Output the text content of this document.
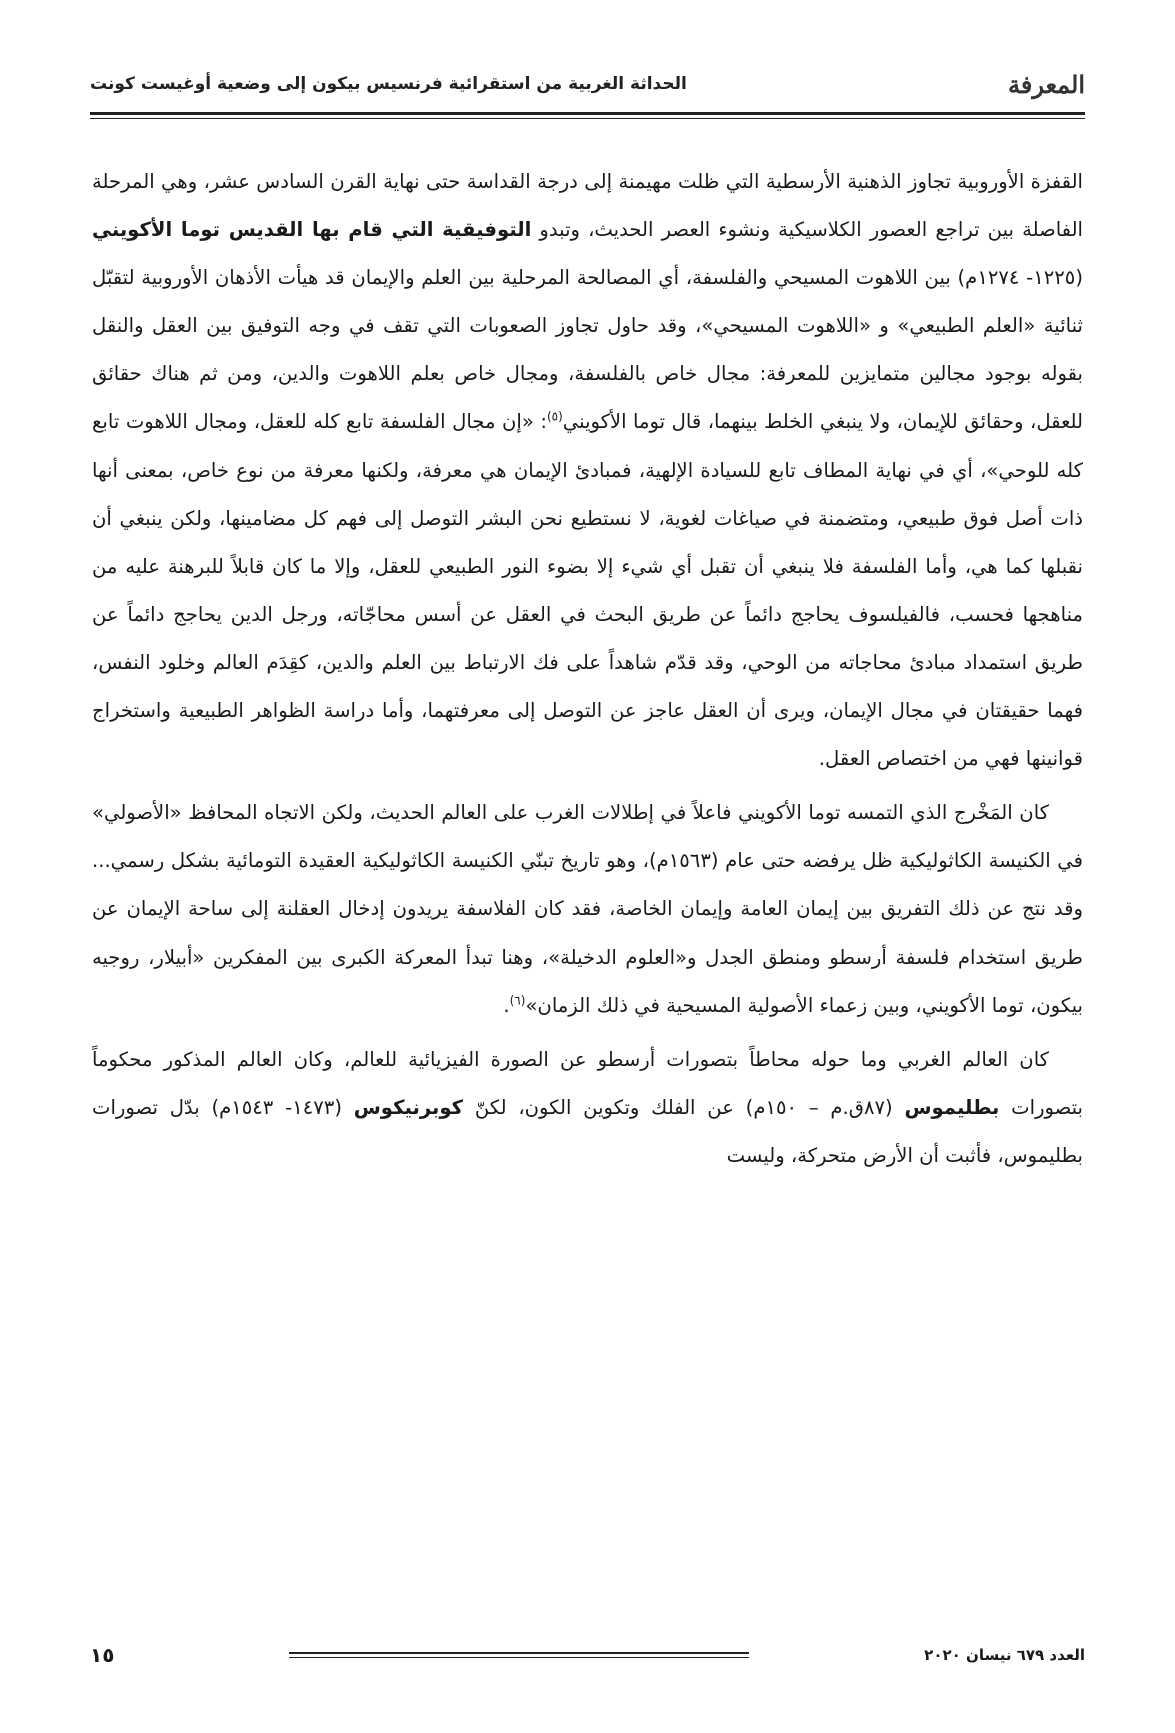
المعرفة
الحداثة الغربية من استقرائية فرنسيس بيكون إلى وضعية أوغيست كونت

القفزة الأوروبية تجاوز الذهنية الأرسطية التي ظلت مهيمنة إلى درجة القداسة حتى نهاية القرن السادس عشر، وهي المرحلة الفاصلة بين تراجع العصور الكلاسيكية ونشوء العصر الحديث، وتبدو التوفيقية التي قام بها القديس توما الأكويني (١٢٢٥- ١٢٧٤م) بين اللاهوت المسيحي والفلسفة، أي المصالحة المرحلية بين العلم والإيمان قد هيأت الأذهان الأوروبية لتقبّل ثنائية «العلم الطبيعي» و «اللاهوت المسيحي»، وقد حاول تجاوز الصعوبات التي تقف في وجه التوفيق بين العقل والنقل بقوله بوجود مجالين متمايزين للمعرفة: مجال خاص بالفلسفة، ومجال خاص بعلم اللاهوت والدين، ومن ثم هناك حقائق للعقل، وحقائق للإيمان، ولا ينبغي الخلط بينهما، قال توما الأكويني$^{(٥)}$: «إن مجال الفلسفة تابع كله للعقل، ومجال اللاهوت تابع كله للوحي»، أي في نهاية المطاف تابع للسيادة الإلهية، فمبادئ الإيمان هي معرفة، ولكنها معرفة من نوع خاص، بمعنى أنها ذات أصل فوق طبيعي، ومتضمنة في صياغات لغوية، لا نستطيع نحن البشر التوصل إلى فهم كل مضامينها، ولكن ينبغي أن نقبلها كما هي، وأما الفلسفة فلا ينبغي أن تقبل أي شيء إلا بضوء النور الطبيعي للعقل، وإلا ما كان قابلاً للبرهنة عليه من مناهجها فحسب، فالفيلسوف يحاجج دائماً عن طريق البحث في العقل عن أسس محاجّاته، ورجل الدين يحاجج دائماً عن طريق استمداد مبادئ محاجاته من الوحي، وقد قدّم شاهداً على فك الارتباط بين العلم والدين، كقِدَم العالم وخلود النفس، فهما حقيقتان في مجال الإيمان، ويرى أن العقل عاجز عن التوصل إلى معرفتهما، وأما دراسة الظواهر الطبيعية واستخراج قوانينها فهي من اختصاص العقل.

كان المَخْرج الذي التمسه توما الأكويني فاعلاً في إطلالات الغرب على العالم الحديث، ولكن الاتجاه المحافظ «الأصولي» في الكنيسة الكاثوليكية ظل يرفضه حتى عام (١٥٦٣م)، وهو تاريخ تبنّي الكنيسة الكاثوليكية العقيدة التومائية بشكل رسمي... وقد نتج عن ذلك التفريق بين إيمان العامة وإيمان الخاصة، فقد كان الفلاسفة يريدون إدخال العقلنة إلى ساحة الإيمان عن طريق استخدام فلسفة أرسطو ومنطق الجدل و«العلوم الدخيلة»، وهنا تبدأ المعركة الكبرى بين المفكرين «أبيلار، روجيه بيكون، توما الأكويني، وبين زعماء الأصولية المسيحية في ذلك الزمان»$^{(٦)}$.

كان العالم الغربي وما حوله محاطاً بتصورات أرسطو عن الصورة الفيزيائية للعالم، وكان العالم المذكور محكوماً بتصورات بطليموس (٨٧ق.م – ١٥٠م) عن الفلك وتكوين الكون، لكنّ كوبرنيكوس (١٤٧٣- ١٥٤٣م) بدّل تصورات بطليموس، فأثبت أن الأرض متحركة، وليست

العدد ٦٧٩ نيسان ٢٠٢٠
١٥
